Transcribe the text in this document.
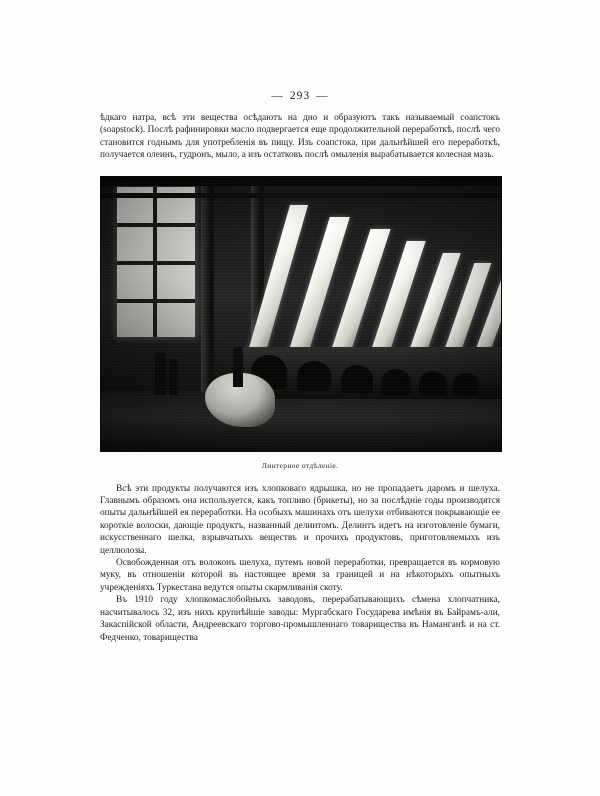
— 293 —

ѣдкаго натра, всѣ эти вещества осѣдаютъ на дно и образуютъ такъ называемый соапстокъ (soapstock). Послѣ рафинировки масло подвергается еще продолжительной переработкѣ, послѣ чего становится годнымъ для употребленія въ пищу. Изъ соапстока, при дальнѣйшей его переработкѣ, получается олеинъ, гудронъ, мыло, а изъ остатковъ послѣ омыленія вырабатывается колесная мазь.

Линтерное отдѣленіе.

Всѣ эти продукты получаются изъ хлопковаго ядрышка, но не пропадаетъ даромъ и шелуха. Главнымъ образомъ она используется, какъ топливо (брикеты), но за послѣдніе годы производятся опыты дальнѣйшей ея переработки. На особыхъ машинахъ отъ шелухи отбиваются покрывающіе ее короткіе волоски, дающіе продуктъ, названный делинтомъ. Делинтъ идетъ на изготовленіе бумаги, искусственнаго шелка, взрывчатыхъ веществъ и прочихъ продуктовъ, приготовляемыхъ изъ целлюлозы.

Освобожденная отъ волоконъ шелуха, путемъ новой переработки, превращается въ кормовую муку, въ отношеніи которой въ настоящее время за границей и на нѣкоторыхъ опытныхъ учрежденіяхъ Туркестана ведутся опыты скармливанія скоту.

Въ 1910 году хлопкомаслобойныхъ заводовъ, перерабатывающихъ сѣмена хлопчатника, насчитывалось 32, изъ нихъ крупнѣйшіе заводы: Мургабскаго Государева имѣнія въ Байрамъ-али, Закаспійской области, Андреевскаго торгово-промышленнаго товарищества въ Наманганѣ и на ст. Федченко, товарищества
